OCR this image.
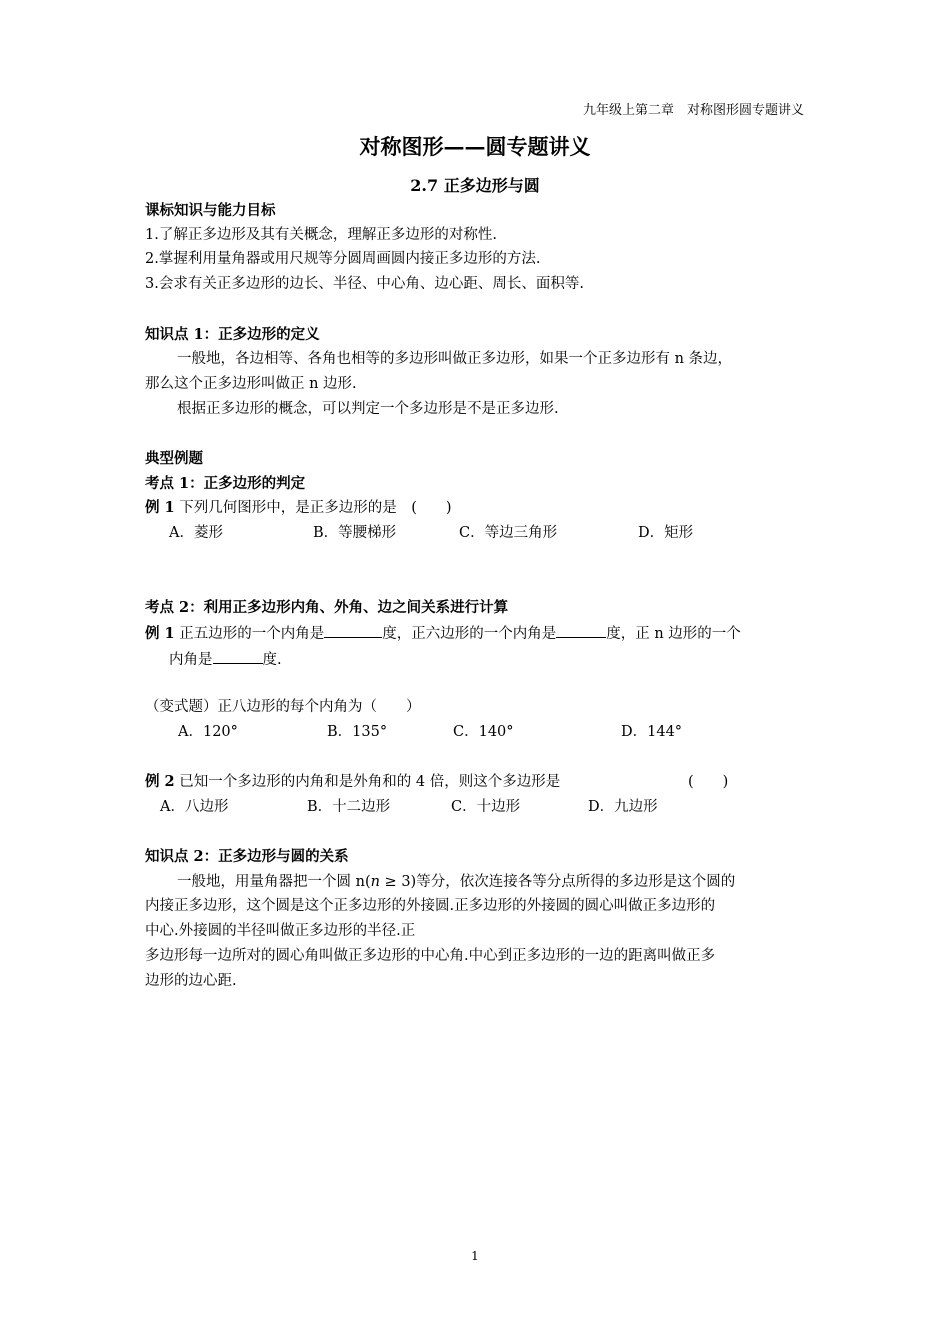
九年级上第二章　对称图形圆专题讲义
对称图形——圆专题讲义
2.7 正多边形与圆
课标知识与能力目标
1.了解正多边形及其有关概念，理解正多边形的对称性.
2.掌握利用量角器或用尺规等分圆周画圆内接正多边形的方法.
3.会求有关正多边形的边长、半径、中心角、边心距、周长、面积等.
知识点 1：正多边形的定义
一般地，各边相等、各角也相等的多边形叫做正多边形，如果一个正多边形有 n 条边，
那么这个正多边形叫做正 n 边形.
根据正多边形的概念，可以判定一个多边形是不是正多边形.
典型例题
考点 1：正多边形的判定
例 1 下列几何图形中，是正多边形的是　(　　)
A．菱形	B．等腰梯形	C．等边三角形	D．矩形
考点 2：利用正多边形内角、外角、边之间关系进行计算
例 1 正五边形的一个内角是	度，正六边形的一个内角是	度，正 n 边形的一个
内角是	度.
（变式题）正八边形的每个内角为（　　）
A．120°	B．135°	C．140°	D．144°
例 2 已知一个多边形的内角和是外角和的 4 倍，则这个多边形是	(　　)
A．八边形	B．十二边形	C．十边形	D．九边形
知识点 2：正多边形与圆的关系
一般地，用量角器把一个圆 n(n ≥ 3)等分，依次连接各等分点所得的多边形是这个圆的
内接正多边形，这个圆是这个正多边形的外接圆.正多边形的外接圆的圆心叫做正多边形的
中心.外接圆的半径叫做正多边形的半径.正
多边形每一边所对的圆心角叫做正多边形的中心角.中心到正多边形的一边的距离叫做正多
边形的边心距.
1
